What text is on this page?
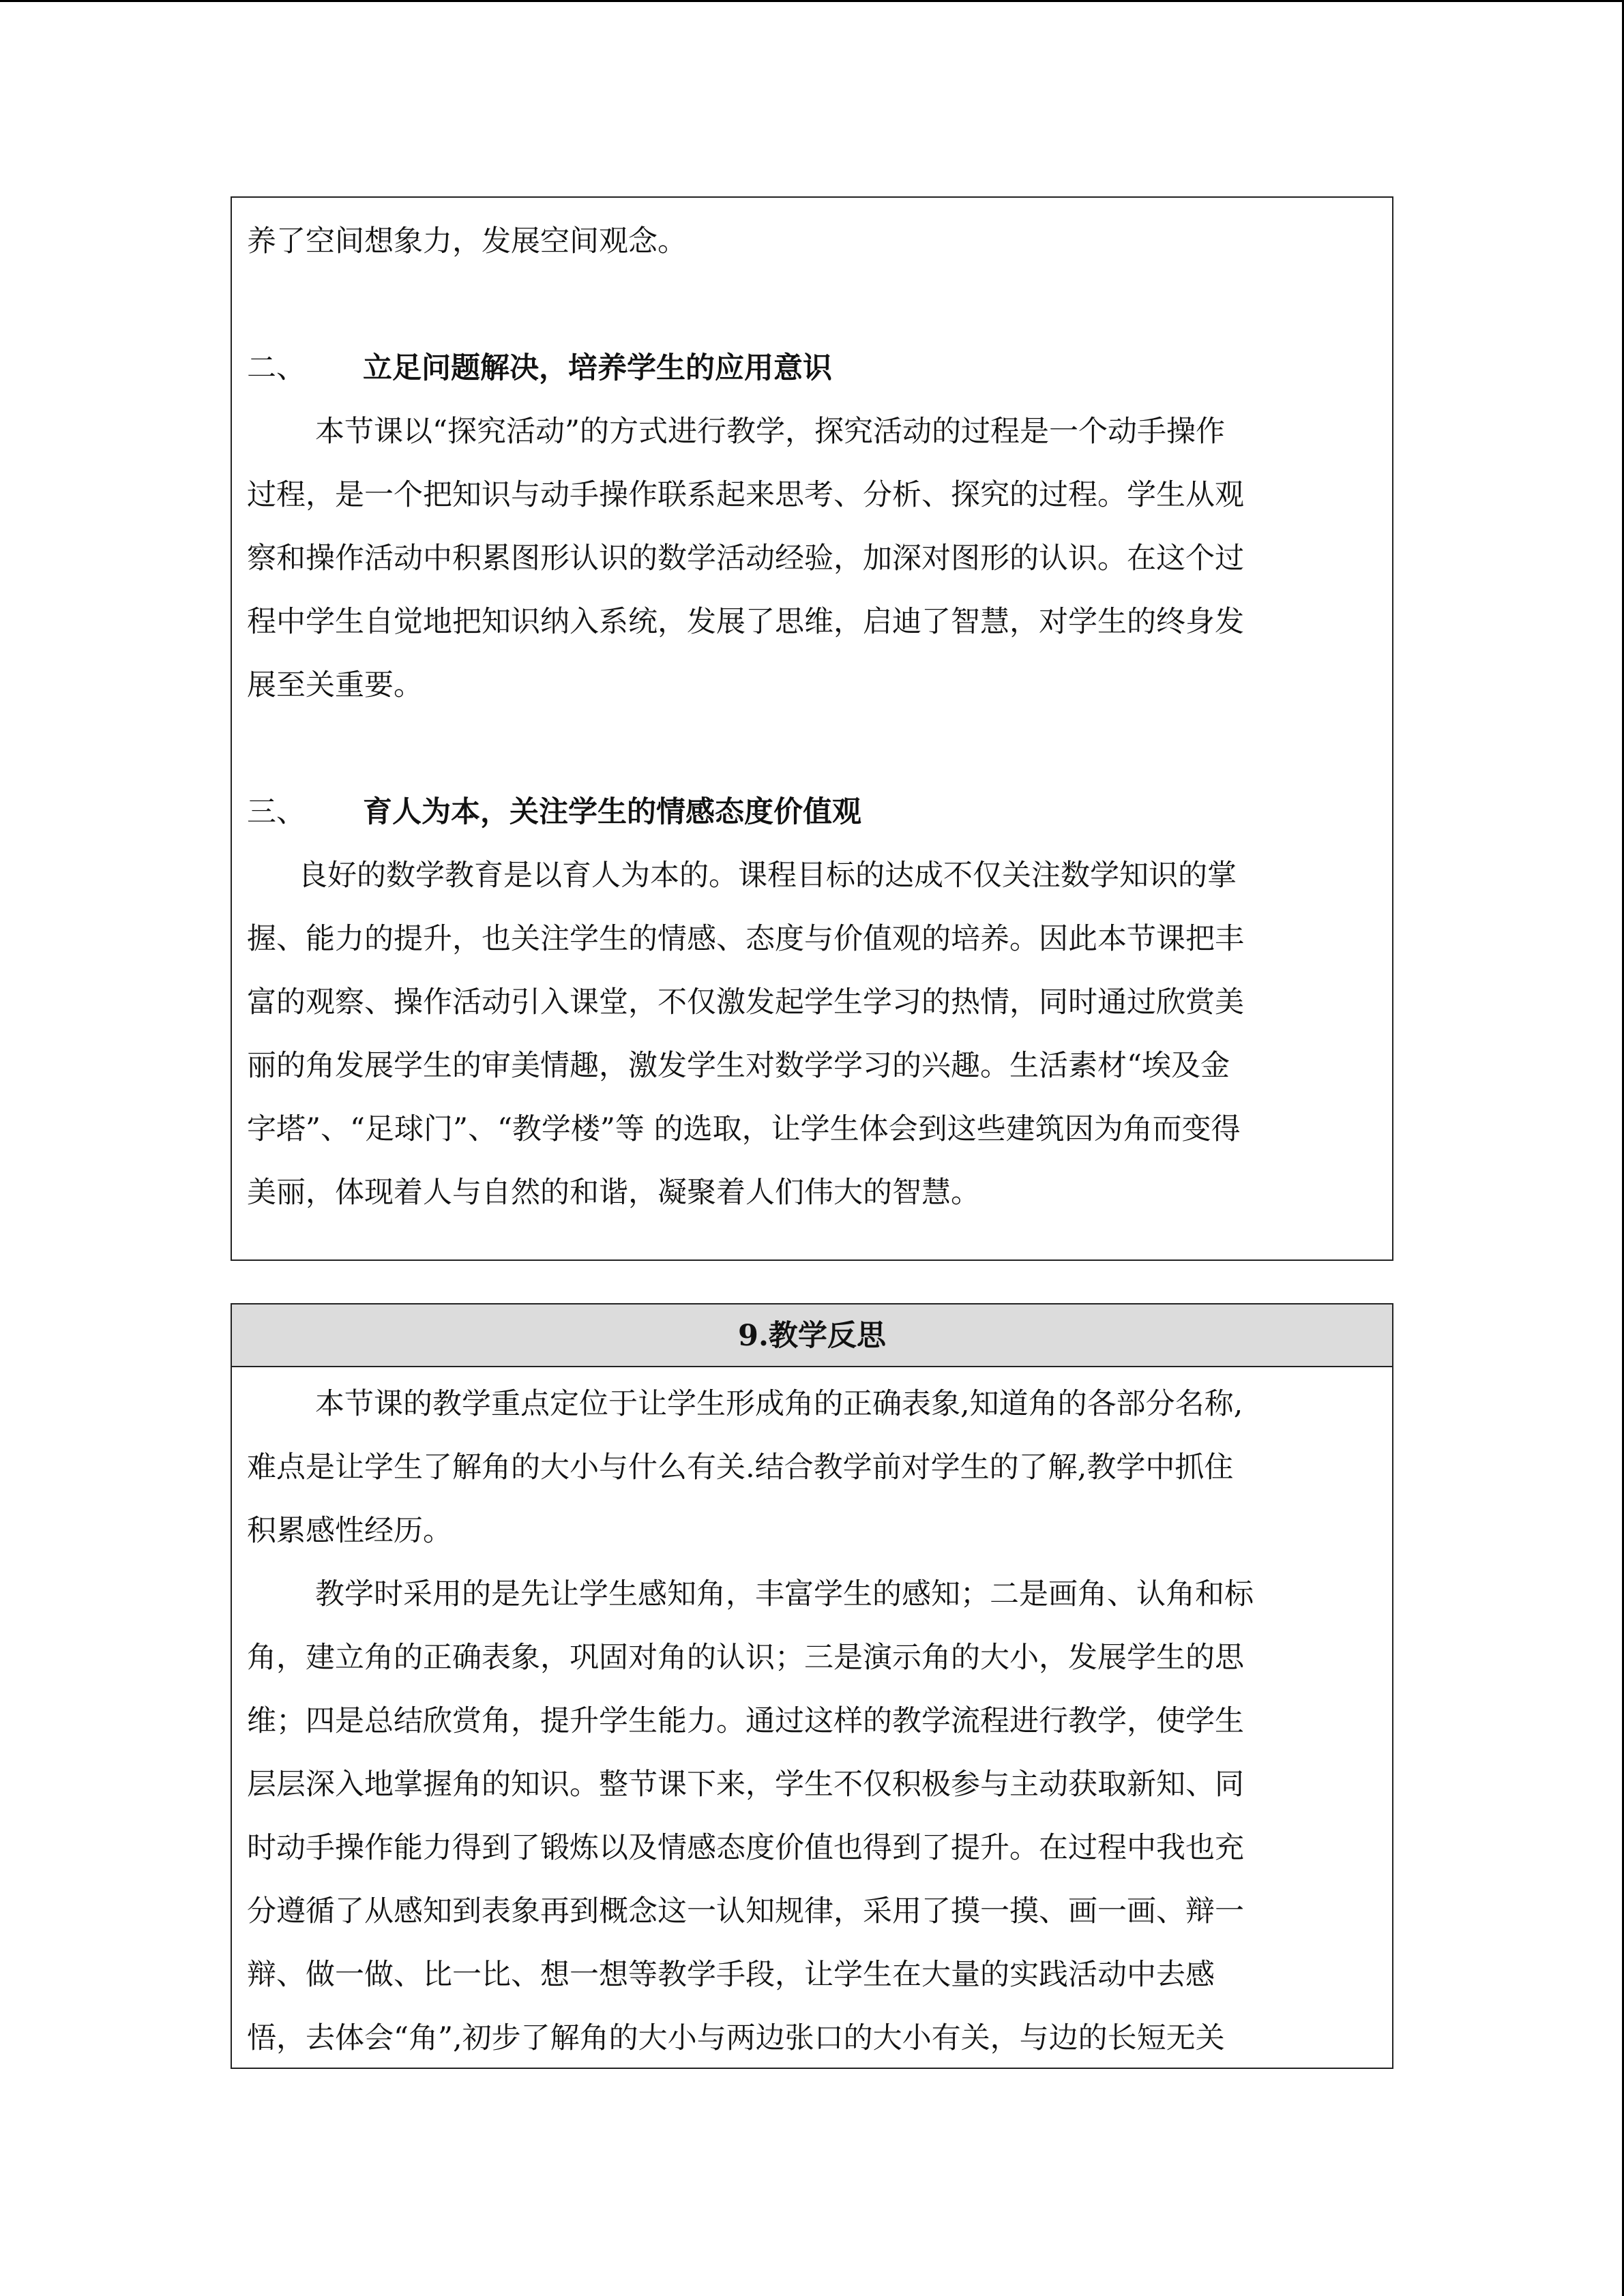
养了空间想象力，发展空间观念。
二、 立足问题解决，培养学生的应用意识
本节课以“探究活动”的方式进行教学，探究活动的过程是一个动手操作
过程，是一个把知识与动手操作联系起来思考、分析、探究的过程。学生从观
察和操作活动中积累图形认识的数学活动经验，加深对图形的认识。在这个过
程中学生自觉地把知识纳入系统，发展了思维，启迪了智慧，对学生的终身发
展至关重要。
三、 育人为本，关注学生的情感态度价值观
良好的数学教育是以育人为本的。课程目标的达成不仅关注数学知识的掌
握、能力的提升，也关注学生的情感、态度与价值观的培养。因此本节课把丰
富的观察、操作活动引入课堂，不仅激发起学生学习的热情，同时通过欣赏美
丽的角发展学生的审美情趣，激发学生对数学学习的兴趣。生活素材“埃及金
字塔”、“足球门”、“教学楼”等 的选取，让学生体会到这些建筑因为角而变得
美丽，体现着人与自然的和谐，凝聚着人们伟大的智慧。
9.教学反思
本节课的教学重点定位于让学生形成角的正确表象,知道角的各部分名称,
难点是让学生了解角的大小与什么有关.结合教学前对学生的了解,教学中抓住
积累感性经历。
教学时采用的是先让学生感知角，丰富学生的感知；二是画角、认角和标
角，建立角的正确表象，巩固对角的认识；三是演示角的大小，发展学生的思
维；四是总结欣赏角，提升学生能力。通过这样的教学流程进行教学，使学生
层层深入地掌握角的知识。整节课下来，学生不仅积极参与主动获取新知、同
时动手操作能力得到了锻炼以及情感态度价值也得到了提升。在过程中我也充
分遵循了从感知到表象再到概念这一认知规律，采用了摸一摸、画一画、辩一
辩、做一做、比一比、想一想等教学手段，让学生在大量的实践活动中去感
悟，去体会“角”,初步了解角的大小与两边张口的大小有关，与边的长短无关
